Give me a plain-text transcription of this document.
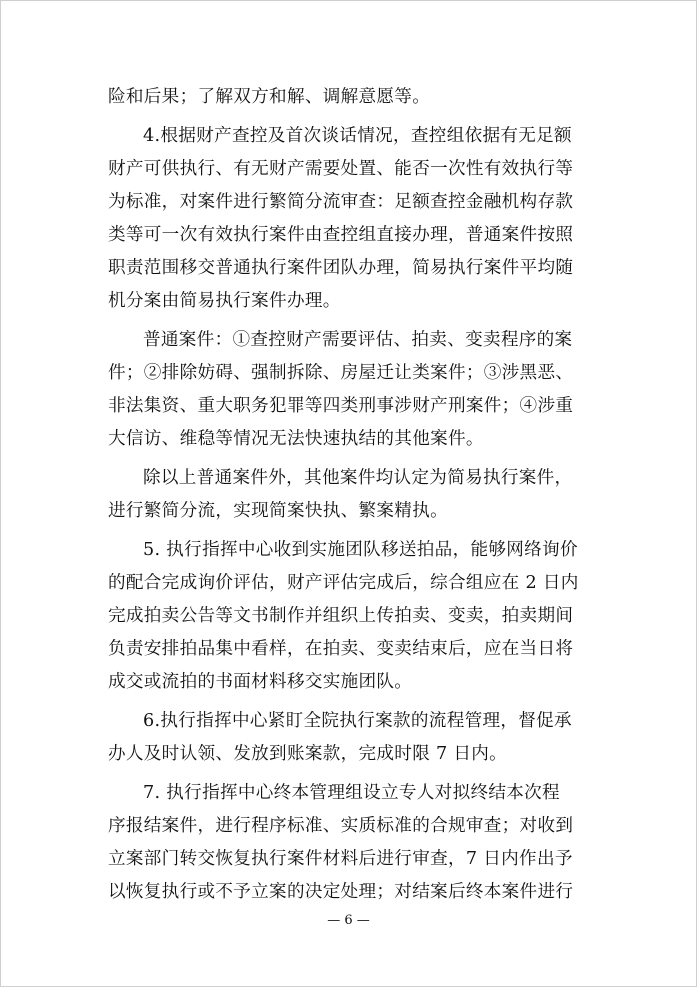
险和后果；了解双方和解、调解意愿等。
4.根据财产查控及首次谈话情况，查控组依据有无足额
财产可供执行、有无财产需要处置、能否一次性有效执行等
为标准，对案件进行繁简分流审查：足额查控金融机构存款
类等可一次有效执行案件由查控组直接办理，普通案件按照
职责范围移交普通执行案件团队办理，简易执行案件平均随
机分案由简易执行案件办理。
普通案件：①查控财产需要评估、拍卖、变卖程序的案
件；②排除妨碍、强制拆除、房屋迁让类案件；③涉黑恶、
非法集资、重大职务犯罪等四类刑事涉财产刑案件；④涉重
大信访、维稳等情况无法快速执结的其他案件。
除以上普通案件外，其他案件均认定为简易执行案件，
进行繁简分流，实现简案快执、繁案精执。
5. 执行指挥中心收到实施团队移送拍品，能够网络询价
的配合完成询价评估，财产评估完成后，综合组应在 2 日内
完成拍卖公告等文书制作并组织上传拍卖、变卖，拍卖期间
负责安排拍品集中看样，在拍卖、变卖结束后，应在当日将
成交或流拍的书面材料移交实施团队。
6.执行指挥中心紧盯全院执行案款的流程管理，督促承
办人及时认领、发放到账案款，完成时限 7 日内。
7. 执行指挥中心终本管理组设立专人对拟终结本次程
序报结案件，进行程序标准、实质标准的合规审查；对收到
立案部门转交恢复执行案件材料后进行审查，7 日内作出予
以恢复执行或不予立案的决定处理；对结案后终本案件进行
— 6 —
